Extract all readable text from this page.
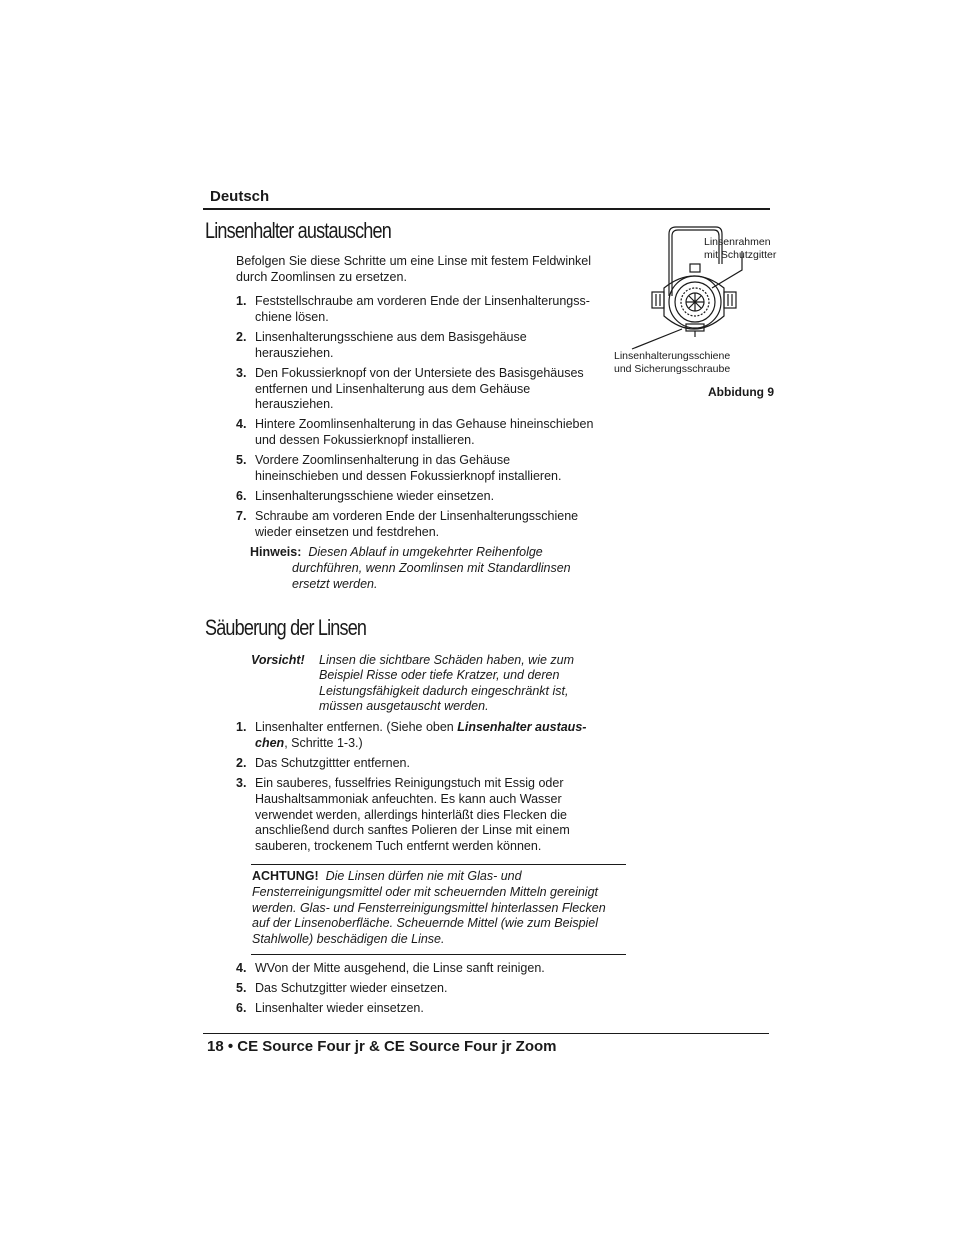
Deutsch
Linsenhalter austauschen
Befolgen Sie diese Schritte um eine Linse mit festem Feldwinkel durch Zoomlinsen zu ersetzen.
1. Feststellschraube am vorderen Ende der Linsenhalterungss-chiene lösen.
2. Linsenhalterungsschiene aus dem Basisgehäuse herausziehen.
3. Den Fokussierknopf von der Untersiete des Basisgehäuses entfernen und Linsenhalterung aus dem Gehäuse herausziehen.
4. Hintere Zoomlinsenhalterung in das Gehause hineinschieben und dessen Fokussierknopf installieren.
5. Vordere Zoomlinsenhalterung in das Gehäuse hineinschieben und dessen Fokussierknopf installieren.
6. Linsenhalterungsschiene wieder einsetzen.
7. Schraube am vorderen Ende der Linsenhalterungsschiene wieder einsetzen und festdrehen.
Hinweis: Diesen Ablauf in umgekehrter Reihenfolge
durchführen, wenn Zoomlinsen mit Standardlinsen ersetzt werden.
Linsenrahmen mit Schutzgitter
Linsenhalterungsschiene und Sicherungsschraube
Abbidung 9
Säuberung der Linsen
Vorsicht! Linsen die sichtbare Schäden haben, wie zum Beispiel Risse oder tiefe Kratzer, und deren Leistungsfähigkeit dadurch eingeschränkt ist, müssen ausgetauscht werden.
1. Linsenhalter entfernen. (Siehe oben Linsenhalter austaus-chen, Schritte 1-3.)
2. Das Schutzgittter entfernen.
3. Ein sauberes, fusselfries Reinigungstuch mit Essig oder Haushaltsammoniak anfeuchten. Es kann auch Wasser verwendet werden, allerdings hinterläßt dies Flecken die anschließend durch sanftes Polieren der Linse mit einem sauberen, trockenem Tuch entfernt werden können.
ACHTUNG! Die Linsen dürfen nie mit Glas- und Fensterreinigungsmittel oder mit scheuernden Mitteln gereinigt werden. Glas- und Fensterreinigungsmittel hinterlassen Flecken auf der Linsenoberfläche. Scheuernde Mittel (wie zum Beispiel Stahlwolle) beschädigen die Linse.
4. WVon der Mitte ausgehend, die Linse sanft reinigen.
5. Das Schutzgitter wieder einsetzen.
6. Linsenhalter wieder einsetzen.
18 • CE Source Four jr & CE Source Four jr Zoom
